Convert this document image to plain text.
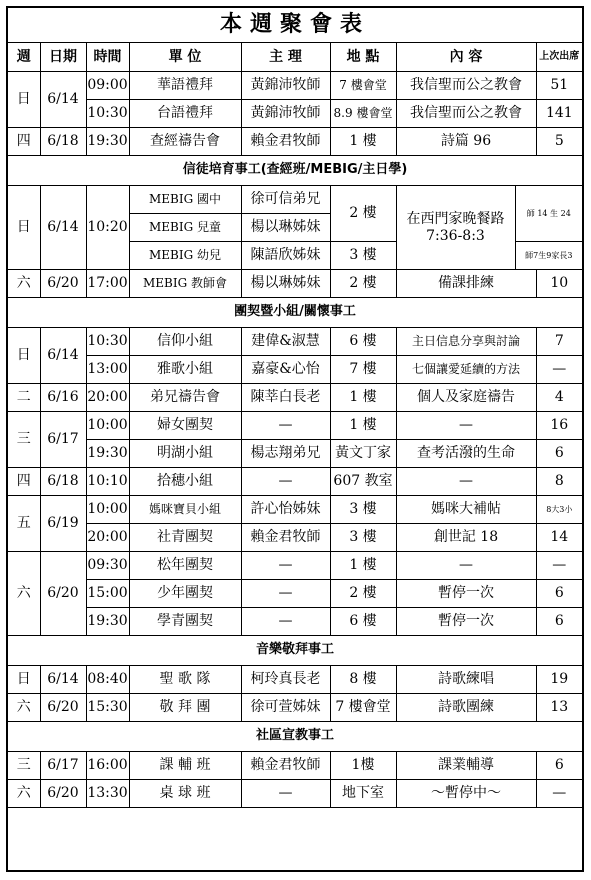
本週聚會表								
週	日期	時間	單 位	主 理	地 點	內 容		上次出席
日	6/14	09:00	華語禮拜	黃錦沛牧師	7 樓會堂	我信聖而公之教會		51
		10:30	台語禮拜	黃錦沛牧師	8.9 樓會堂	我信聖而公之教會		141
四	6/18	19:30	查經禱告會	賴金君牧師	1 樓	詩篇 96		5
信徒培育事工(查經班/MEBIG/主日學)								
日	6/14	10:20	MEBIG 國中	徐可信弟兄	2 樓	在西門家晚餐路 7:36-8:3	師 14 生 24	
			MEBIG 兒童	楊以琳姊妹				
			MEBIG 幼兒	陳語欣姊妹	3 樓		師7生9家長3	
六	6/20	17:00	MEBIG 教師會	楊以琳姊妹	2 樓	備課排練		10
團契暨小組/關懷事工								
日	6/14	10:30	信仰小組	建偉&淑慧	6 樓	主日信息分享與討論		7
		13:00	雅歌小組	嘉豪&心怡	7 樓	七個讓愛延續的方法		—
二	6/16	20:00	弟兄禱告會	陳莘白長老	1 樓	個人及家庭禱告		4
三	6/17	10:00	婦女團契	—	1 樓	—		16
		19:30	明湖小組	楊志翔弟兄	黃文丁家	查考活潑的生命		6
四	6/18	10:10	拾穗小組	—	607 教室	—		8
五	6/19	10:00	媽咪寶貝小組	許心怡姊妹	3 樓	媽咪大補帖		8大3小
		20:00	社青團契	賴金君牧師	3 樓	創世記 18		14
六	6/20	09:30	松年團契	—	1 樓	—		—
		15:00	少年團契	—	2 樓	暫停一次		6
		19:30	學青團契	—	6 樓	暫停一次		6
音樂敬拜事工								
日	6/14	08:40	聖 歌 隊	柯玲真長老	8 樓	詩歌練唱		19
六	6/20	15:30	敬 拜 團	徐可萱姊妹	7 樓會堂	詩歌團練		13
社區宣教事工								
三	6/17	16:00	課 輔 班	賴金君牧師	1樓	課業輔導		6
六	6/20	13:30	桌 球 班	—	地下室	～暫停中～		—
